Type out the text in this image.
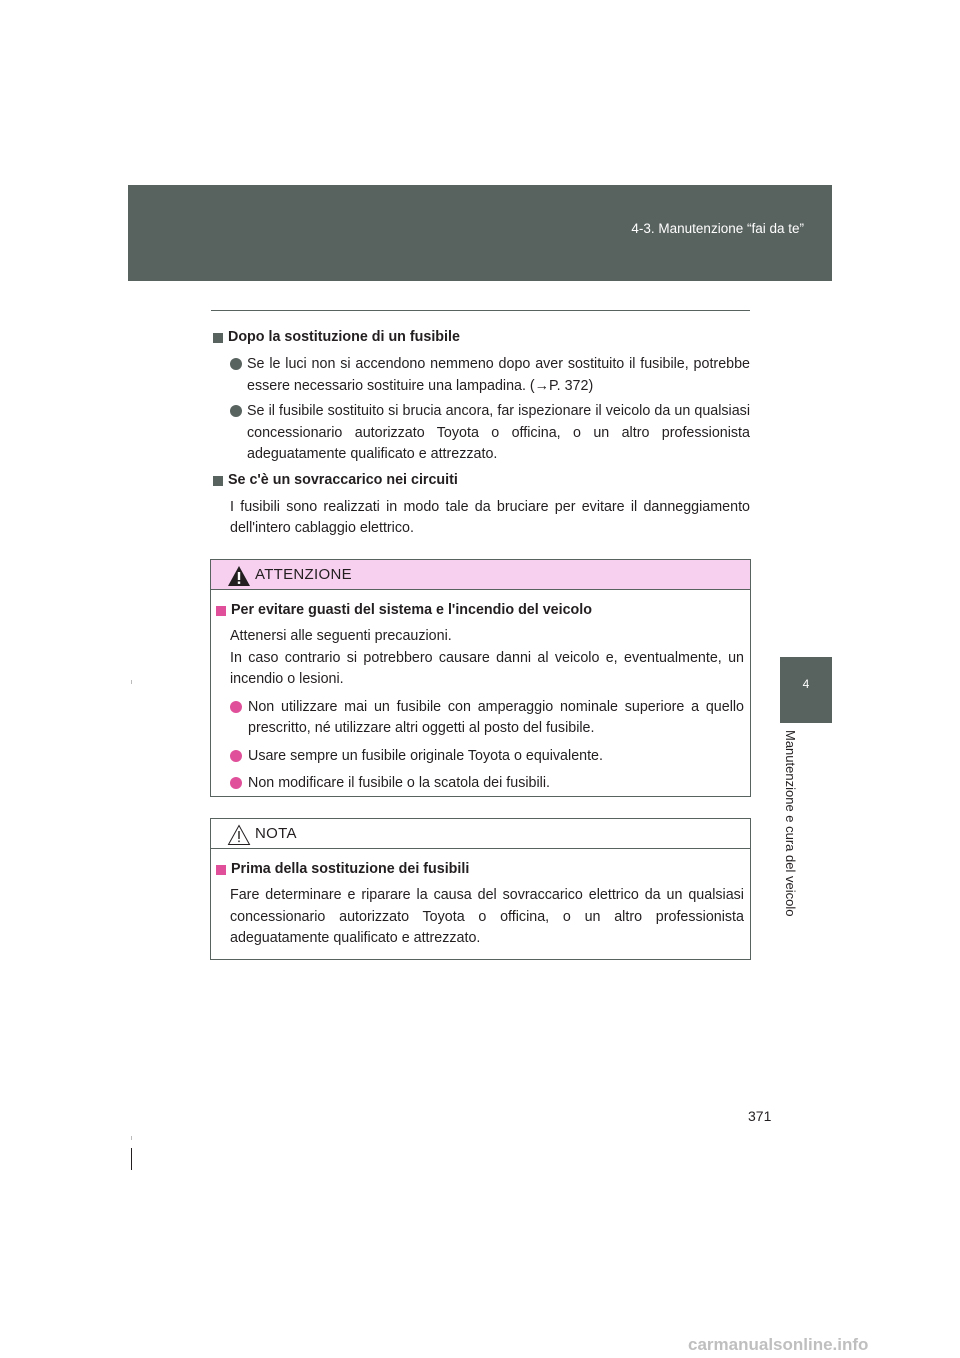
4-3. Manutenzione “fai da te”
4
Manutenzione e cura del veicolo
Dopo la sostituzione di un fusibile
Se le luci non si accendono nemmeno dopo aver sostituito il fusibile, potrebbe essere necessario sostituire una lampadina. (→P. 372)
Se il fusibile sostituito si brucia ancora, far ispezionare il veicolo da un qualsiasi concessionario autorizzato Toyota o officina, o un altro professionista adeguatamente qualificato e attrezzato.
Se c'è un sovraccarico nei circuiti
I fusibili sono realizzati in modo tale da bruciare per evitare il danneggiamento dell'intero cablaggio elettrico.
ATTENZIONE
Per evitare guasti del sistema e l'incendio del veicolo
Attenersi alle seguenti precauzioni.
In caso contrario si potrebbero causare danni al veicolo e, eventualmente, un incendio o lesioni.
Non utilizzare mai un fusibile con amperaggio nominale superiore a quello prescritto, né utilizzare altri oggetti al posto del fusibile.
Usare sempre un fusibile originale Toyota o equivalente.
Non modificare il fusibile o la scatola dei fusibili.
NOTA
Prima della sostituzione dei fusibili
Fare determinare e riparare la causa del sovraccarico elettrico da un qualsiasi concessionario autorizzato Toyota o officina, o un altro professionista adeguatamente qualificato e attrezzato.
371
carmanualsonline.info
